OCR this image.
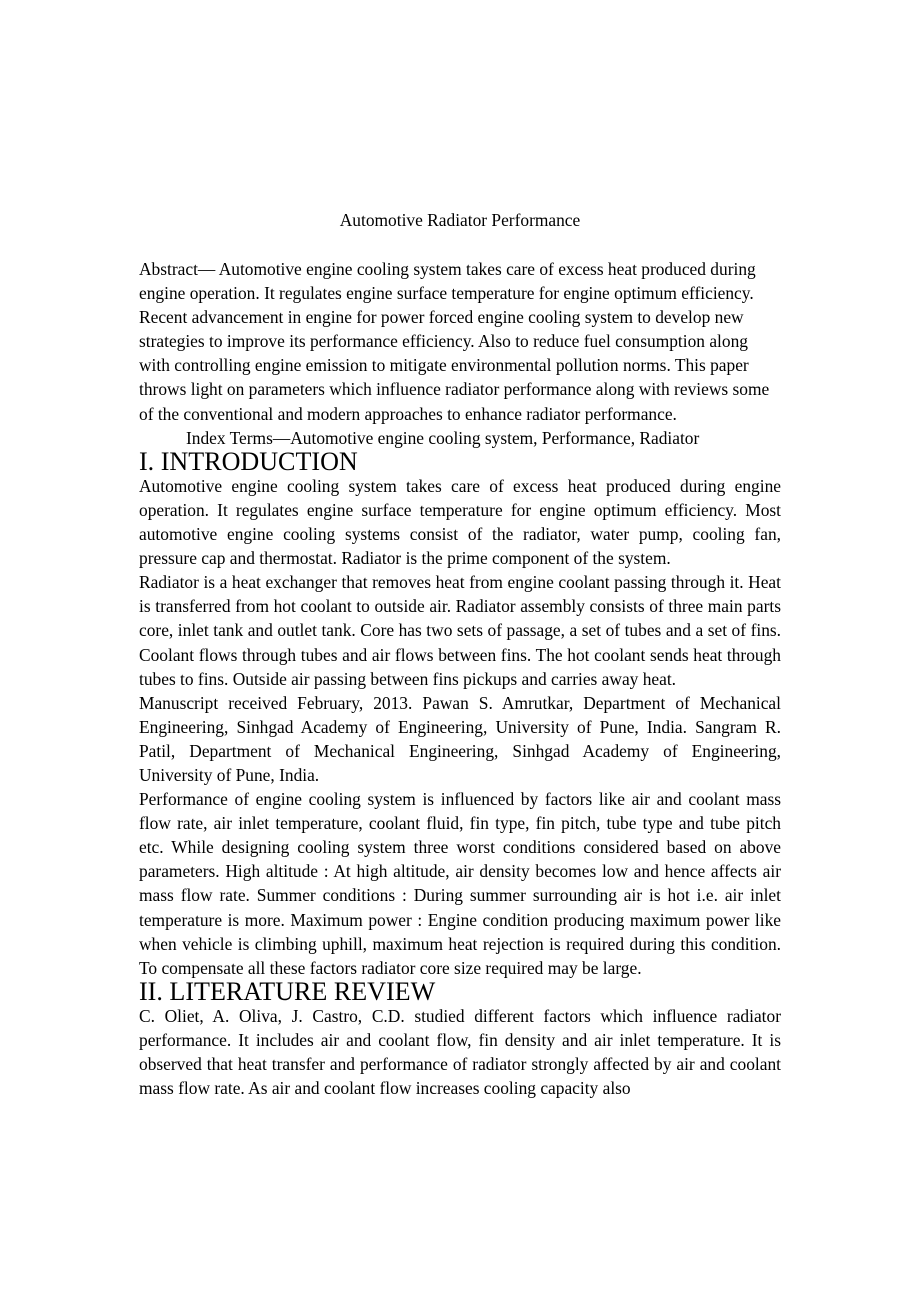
Automotive Radiator Performance

Abstract— Automotive engine cooling system takes care of excess heat produced during engine operation. It regulates engine surface temperature for engine optimum efficiency. Recent advancement in engine for power forced engine cooling system to develop new strategies to improve its performance efficiency. Also to reduce fuel consumption along with controlling engine emission to mitigate environmental pollution norms. This paper throws light on parameters which influence radiator performance along with reviews some of the conventional and modern approaches to enhance radiator performance.

Index Terms—Automotive engine cooling system, Performance, Radiator

I. INTRODUCTION

Automotive engine cooling system takes care of excess heat produced during engine operation. It regulates engine surface temperature for engine optimum efficiency. Most automotive engine cooling systems consist of the radiator, water pump, cooling fan, pressure cap and thermostat. Radiator is the prime component of the system.

Radiator is a heat exchanger that removes heat from engine coolant passing through it. Heat is transferred from hot coolant to outside air. Radiator assembly consists of three main parts core, inlet tank and outlet tank. Core has two sets of passage, a set of tubes and a set of fins. Coolant flows through tubes and air flows between fins. The hot coolant sends heat through tubes to fins. Outside air passing between fins pickups and carries away heat.

Manuscript received February, 2013. Pawan S. Amrutkar, Department of Mechanical Engineering, Sinhgad Academy of Engineering, University of Pune, India. Sangram R. Patil, Department of Mechanical Engineering, Sinhgad Academy of Engineering, University of Pune, India.

Performance of engine cooling system is influenced by factors like air and coolant mass flow rate, air inlet temperature, coolant fluid, fin type, fin pitch, tube type and tube pitch etc. While designing cooling system three worst conditions considered based on above parameters. High altitude : At high altitude, air density becomes low and hence affects air mass flow rate. Summer conditions : During summer surrounding air is hot i.e. air inlet temperature is more. Maximum power : Engine condition producing maximum power like when vehicle is climbing uphill, maximum heat rejection is required during this condition. To compensate all these factors radiator core size required may be large.

II. LITERATURE REVIEW

C. Oliet, A. Oliva, J. Castro, C.D. studied different factors which influence radiator performance. It includes air and coolant flow, fin density and air inlet temperature. It is observed that heat transfer and performance of radiator strongly affected by air and coolant mass flow rate. As air and coolant flow increases cooling capacity also
